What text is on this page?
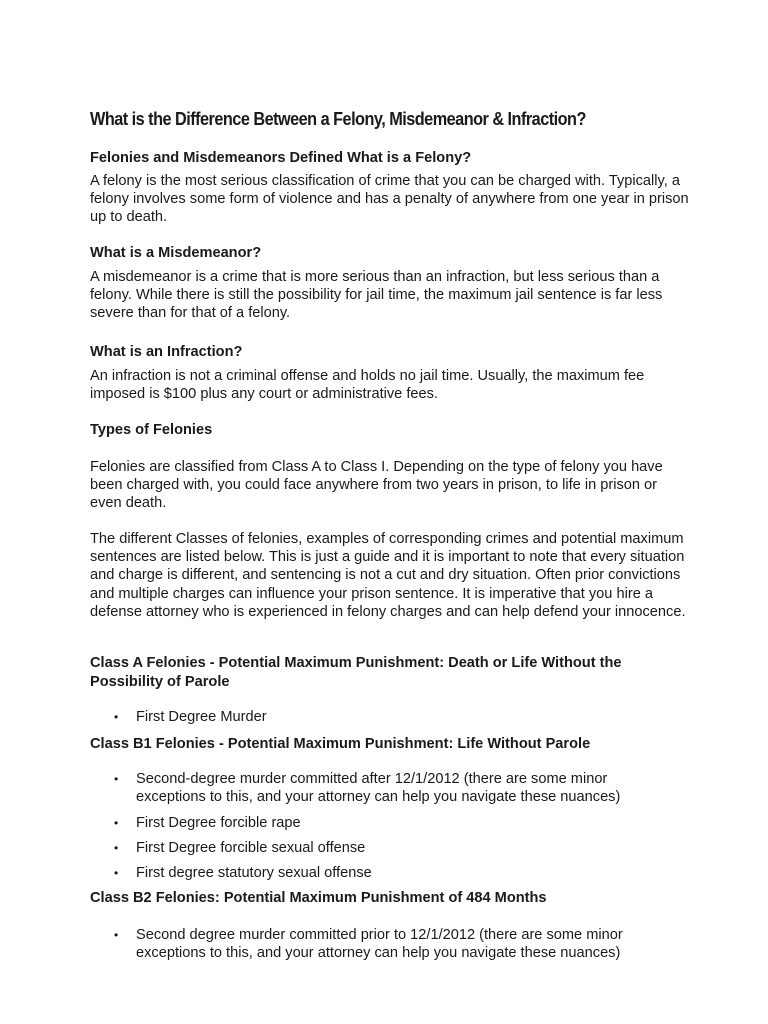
What is the Difference Between a Felony, Misdemeanor & Infraction?
Felonies and Misdemeanors Defined What is a Felony?

A felony is the most serious classification of crime that you can be charged with. Typically, a felony involves some form of violence and has a penalty of anywhere from one year in prison up to death.

What is a Misdemeanor?

A misdemeanor is a crime that is more serious than an infraction, but less serious than a felony. While there is still the possibility for jail time, the maximum jail sentence is far less severe than for that of a felony.

What is an Infraction?

An infraction is not a criminal offense and holds no jail time. Usually, the maximum fee imposed is $100 plus any court or administrative fees.

Types of Felonies

Felonies are classified from Class A to Class I. Depending on the type of felony you have been charged with, you could face anywhere from two years in prison, to life in prison or even death.

The different Classes of felonies, examples of corresponding crimes and potential maximum sentences are listed below. This is just a guide and it is important to note that every situation and charge is different, and sentencing is not a cut and dry situation. Often prior convictions and multiple charges can influence your prison sentence. It is imperative that you hire a defense attorney who is experienced in felony charges and can help defend your innocence.

Class A Felonies - Potential Maximum Punishment: Death or Life Without the Possibility of Parole
• First Degree Murder
Class B1 Felonies - Potential Maximum Punishment: Life Without Parole
• Second-degree murder committed after 12/1/2012 (there are some minor exceptions to this, and your attorney can help you navigate these nuances)
• First Degree forcible rape
• First Degree forcible sexual offense
• First degree statutory sexual offense
Class B2 Felonies: Potential Maximum Punishment of 484 Months
• Second degree murder committed prior to 12/1/2012 (there are some minor exceptions to this, and your attorney can help you navigate these nuances)
